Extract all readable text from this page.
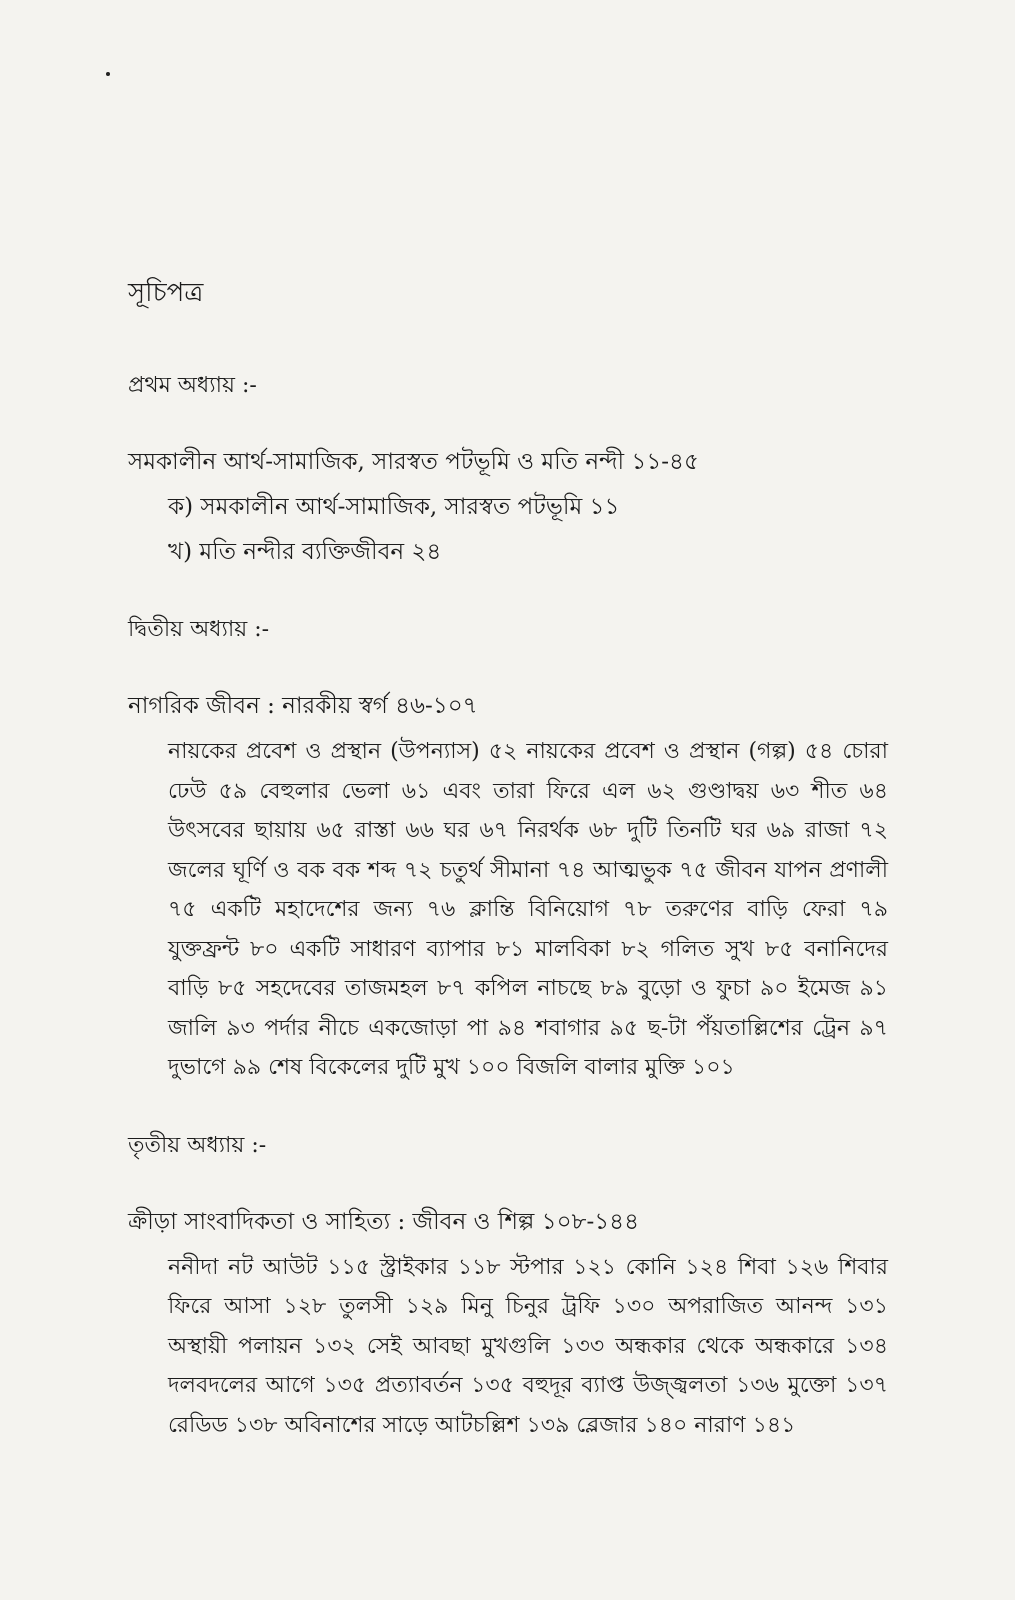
সূচিপত্র
প্রথম অধ্যায় :-
সমকালীন আর্থ-সামাজিক, সারস্বত পটভূমি ও মতি নন্দী ১১-৪৫
ক) সমকালীন আর্থ-সামাজিক, সারস্বত পটভূমি ১১
খ) মতি নন্দীর ব্যক্তিজীবন ২৪
দ্বিতীয় অধ্যায় :-
নাগরিক জীবন : নারকীয় স্বর্গ ৪৬-১০৭
নায়কের প্রবেশ ও প্রস্থান (উপন্যাস) ৫২ নায়কের প্রবেশ ও প্রস্থান (গল্প) ৫৪ চোরা ঢেউ ৫৯ বেহুলার ভেলা ৬১ এবং তারা ফিরে এল ৬২ গুণ্ডাদ্বয় ৬৩ শীত ৬৪ উৎসবের ছায়ায় ৬৫ রাস্তা ৬৬ ঘর ৬৭ নিরর্থক ৬৮ দুটি তিনটি ঘর ৬৯ রাজা ৭২ জলের ঘূর্ণি ও বক বক শব্দ ৭২ চতুর্থ সীমানা ৭৪ আত্মভুক ৭৫ জীবন যাপন প্রণালী ৭৫ একটি মহাদেশের জন্য ৭৬ ক্লান্তি বিনিয়োগ ৭৮ তরুণের বাড়ি ফেরা ৭৯ যুক্তফ্রন্ট ৮০ একটি সাধারণ ব্যাপার ৮১ মালবিকা ৮২ গলিত সুখ ৮৫ বনানিদের বাড়ি ৮৫ সহদেবের তাজমহল ৮৭ কপিল নাচছে ৮৯ বুড়ো ও ফুচা ৯০ ইমেজ ৯১ জালি ৯৩ পর্দার নীচে একজোড়া পা ৯৪ শবাগার ৯৫ ছ-টা পঁয়তাল্লিশের ট্রেন ৯৭ দুভাগে ৯৯ শেষ বিকেলের দুটি মুখ ১০০ বিজলি বালার মুক্তি ১০১
তৃতীয় অধ্যায় :-
ক্রীড়া সাংবাদিকতা ও সাহিত্য : জীবন ও শিল্প ১০৮-১৪৪
ননীদা নট আউট ১১৫ স্ট্রাইকার ১১৮ স্টপার ১২১ কোনি ১২৪ শিবা ১২৬ শিবার ফিরে আসা ১২৮ তুলসী ১২৯ মিনু চিনুর ট্রফি ১৩০ অপরাজিত আনন্দ ১৩১ অস্থায়ী পলায়ন ১৩২ সেই আবছা মুখগুলি ১৩৩ অন্ধকার থেকে অন্ধকারে ১৩৪ দলবদলের আগে ১৩৫ প্রত্যাবর্তন ১৩৫ বহুদূর ব্যাপ্ত উজ্জ্বলতা ১৩৬ মুক্তো ১৩৭ রেডিড ১৩৮ অবিনাশের সাড়ে আটচল্লিশ ১৩৯ ব্লেজার ১৪০ নারাণ ১৪১
